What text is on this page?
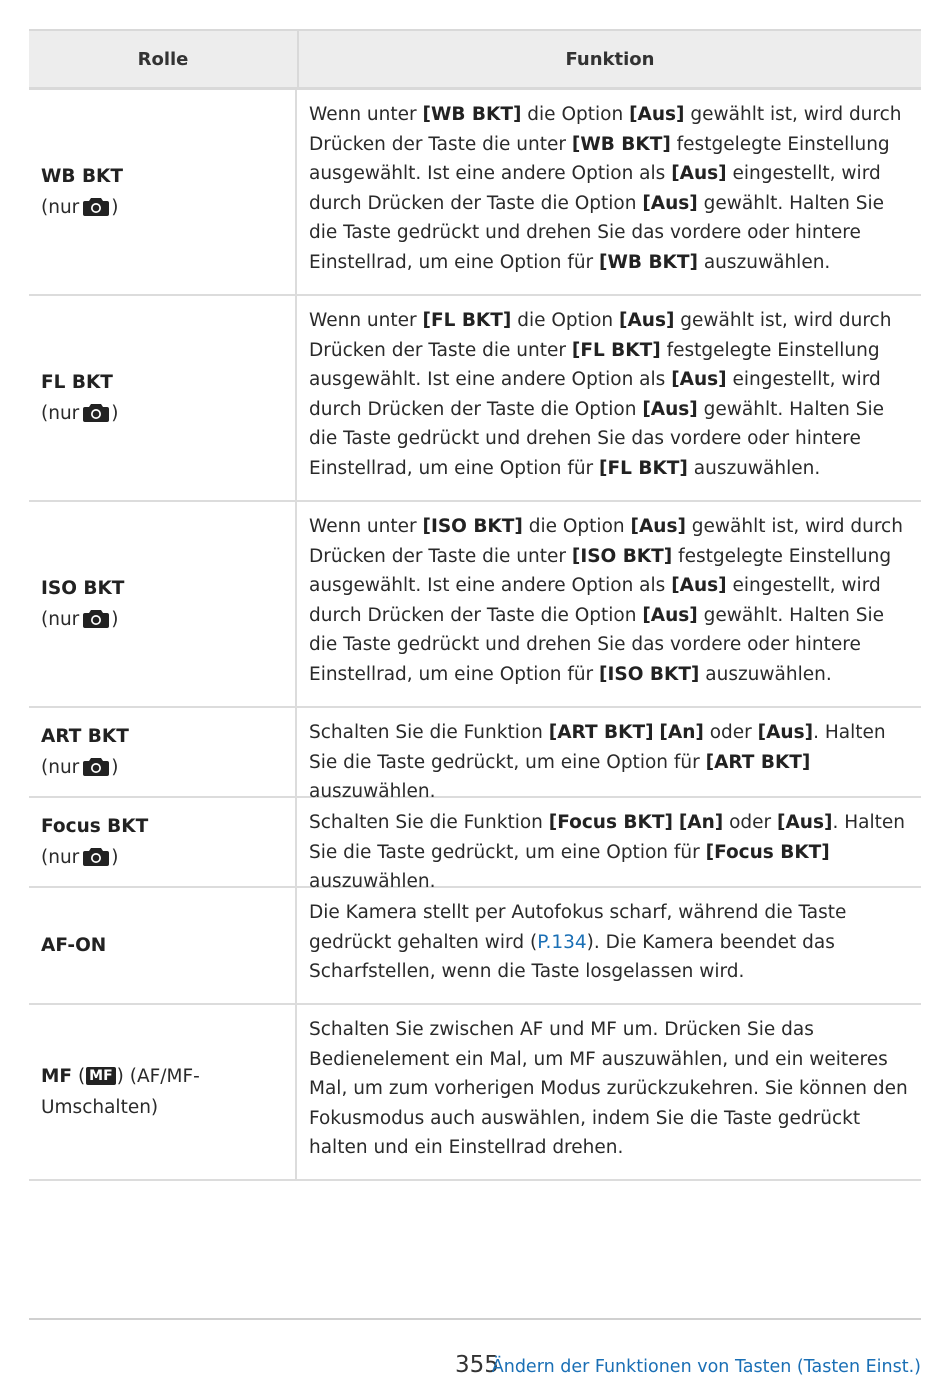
Rolle	Funktion
WB BKT
(nur )
Wenn unter [WB BKT] die Option [Aus] gewählt ist, wird durch Drücken der Taste die unter [WB BKT] festgelegte Einstellung ausgewählt. Ist eine andere Option als [Aus] eingestellt, wird durch Drücken der Taste die Option [Aus] gewählt. Halten Sie die Taste gedrückt und drehen Sie das vordere oder hintere Einstellrad, um eine Option für [WB BKT] auszuwählen.
FL BKT
(nur )
Wenn unter [FL BKT] die Option [Aus] gewählt ist, wird durch Drücken der Taste die unter [FL BKT] festgelegte Einstellung ausgewählt. Ist eine andere Option als [Aus] eingestellt, wird durch Drücken der Taste die Option [Aus] gewählt. Halten Sie die Taste gedrückt und drehen Sie das vordere oder hintere Einstellrad, um eine Option für [FL BKT] auszuwählen.
ISO BKT
(nur )
Wenn unter [ISO BKT] die Option [Aus] gewählt ist, wird durch Drücken der Taste die unter [ISO BKT] festgelegte Einstellung ausgewählt. Ist eine andere Option als [Aus] eingestellt, wird durch Drücken der Taste die Option [Aus] gewählt. Halten Sie die Taste gedrückt und drehen Sie das vordere oder hintere Einstellrad, um eine Option für [ISO BKT] auszuwählen.
ART BKT
(nur )
Schalten Sie die Funktion [ART BKT] [An] oder [Aus]. Halten Sie die Taste gedrückt, um eine Option für [ART BKT] auszuwählen.
Focus BKT
(nur )
Schalten Sie die Funktion [Focus BKT] [An] oder [Aus]. Halten Sie die Taste gedrückt, um eine Option für [Focus BKT] auszuwählen.
AF-ON
Die Kamera stellt per Autofokus scharf, während die Taste gedrückt gehalten wird (P.134). Die Kamera beendet das Scharfstellen, wenn die Taste losgelassen wird.
MF ( MF ) (AF/MF-Umschalten)
Schalten Sie zwischen AF und MF um. Drücken Sie das Bedienelement ein Mal, um MF auszuwählen, und ein weiteres Mal, um zum vorherigen Modus zurückzukehren. Sie können den Fokusmodus auch auswählen, indem Sie die Taste gedrückt halten und ein Einstellrad drehen.
355
Ändern der Funktionen von Tasten (Tasten Einst.)
